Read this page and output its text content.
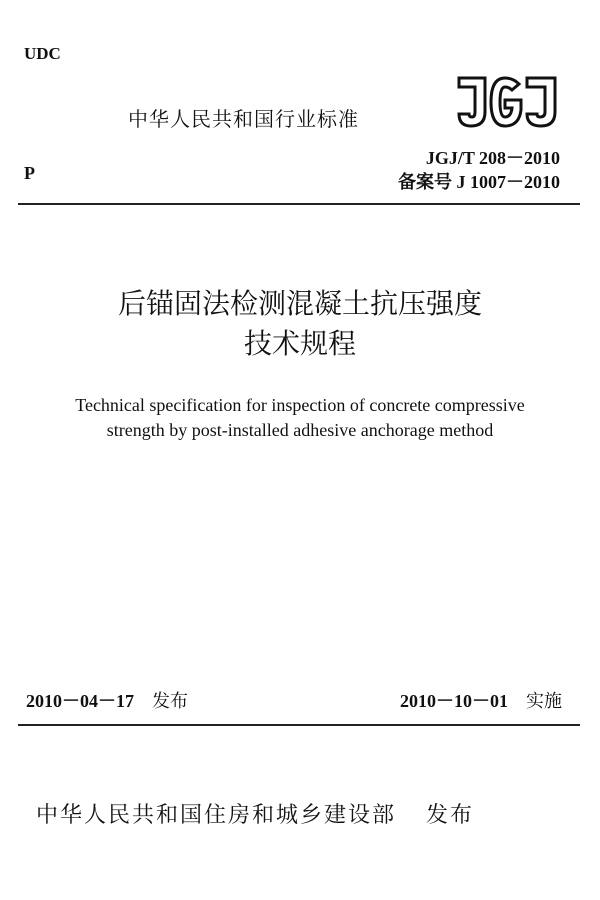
UDC
P
中华人民共和国行业标准
JGJ
JGJ/T 208－2010
备案号 J 1007－2010
后锚固法检测混凝土抗压强度
技术规程
Technical specification for inspection of concrete compressive
strength by post-installed adhesive anchorage method
2010－04－17 发布	2010－10－01 实施
中华人民共和国住房和城乡建设部 发布
